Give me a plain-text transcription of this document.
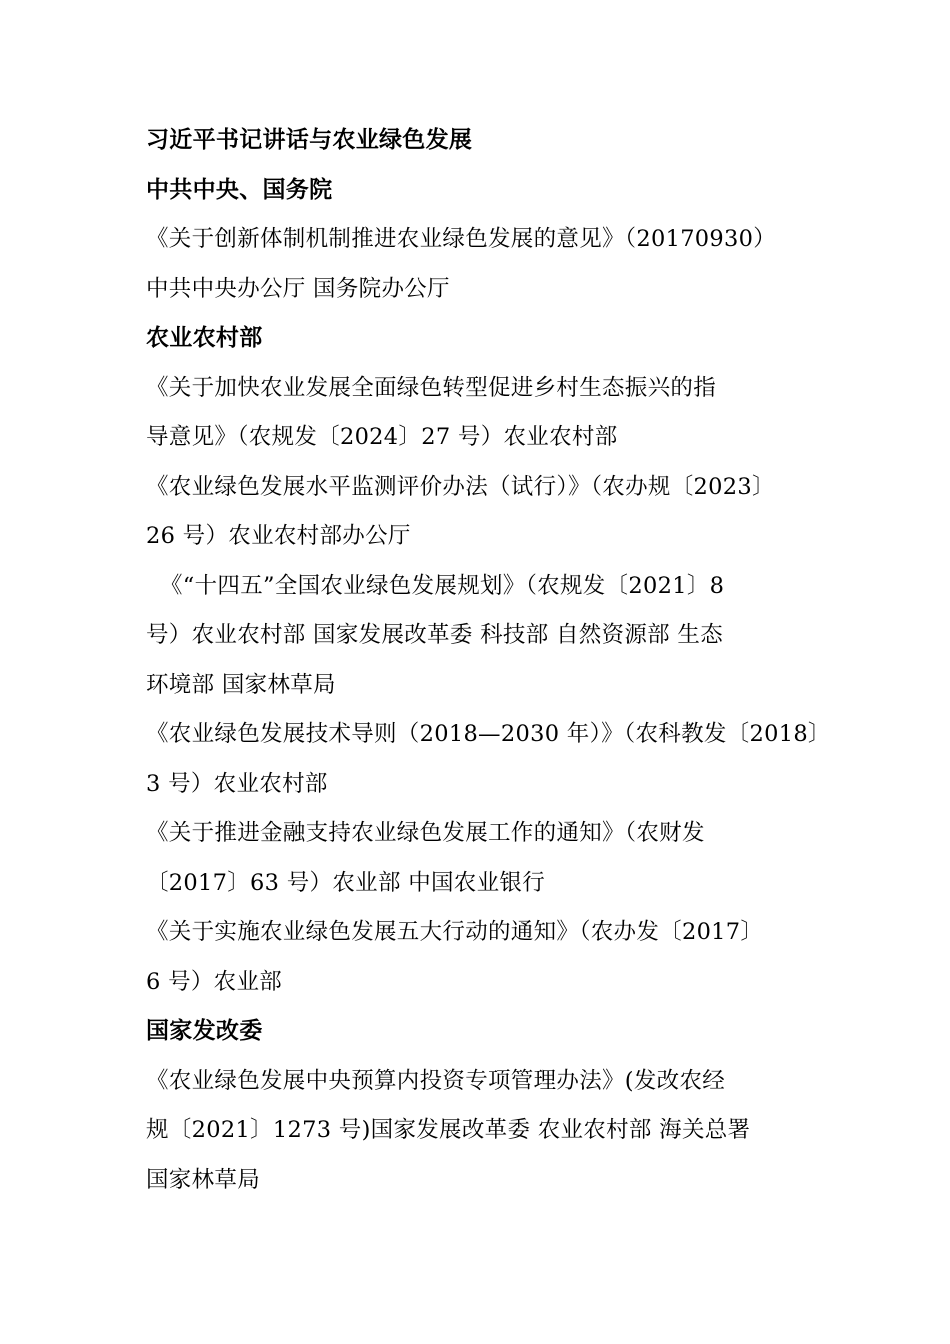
习近平书记讲话与农业绿色发展
中共中央、国务院
《关于创新体制机制推进农业绿色发展的意见》（20170930）
中共中央办公厅 国务院办公厅
农业农村部
《关于加快农业发展全面绿色转型促进乡村生态振兴的指
导意见》（农规发〔2024〕27 号）农业农村部
《农业绿色发展水平监测评价办法（试行）》（农办规〔2023〕
26 号）农业农村部办公厅
《“十四五”全国农业绿色发展规划》（农规发〔2021〕8
号）农业农村部 国家发展改革委 科技部 自然资源部 生态
环境部 国家林草局
《农业绿色发展技术导则（2018—2030 年）》（农科教发〔2018〕
3 号）农业农村部
《关于推进金融支持农业绿色发展工作的通知》（农财发
〔2017〕63 号）农业部 中国农业银行
《关于实施农业绿色发展五大行动的通知》（农办发〔2017〕
6 号）农业部
国家发改委
《农业绿色发展中央预算内投资专项管理办法》(发改农经
规〔2021〕1273 号)国家发展改革委 农业农村部 海关总署
国家林草局
